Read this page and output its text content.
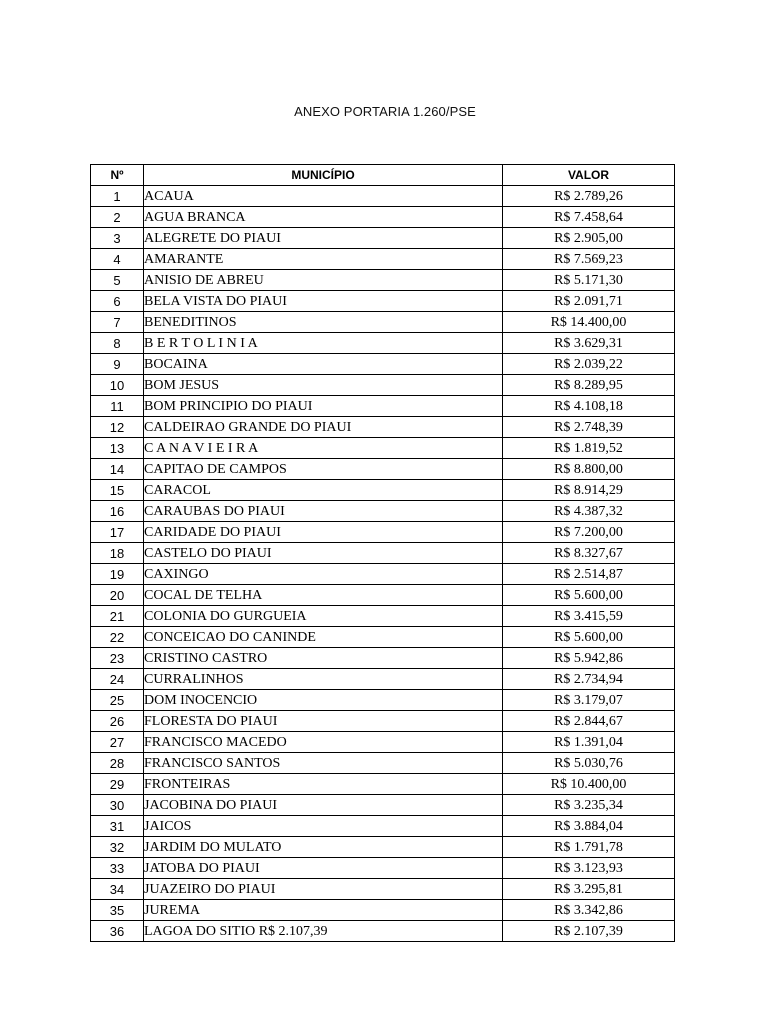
ANEXO PORTARIA 1.260/PSE
Nº	MUNICÍPIO	VALOR
1	ACAUA	R$ 2.789,26
2	AGUA BRANCA	R$ 7.458,64
3	ALEGRETE DO PIAUI	R$ 2.905,00
4	AMARANTE	R$ 7.569,23
5	ANISIO DE ABREU	R$ 5.171,30
6	BELA VISTA DO PIAUI	R$ 2.091,71
7	BENEDITINOS	R$ 14.400,00
8	B E R T O L I N I A	R$ 3.629,31
9	BOCAINA	R$ 2.039,22
10	BOM JESUS	R$ 8.289,95
11	BOM PRINCIPIO DO PIAUI	R$ 4.108,18
12	CALDEIRAO GRANDE DO PIAUI	R$ 2.748,39
13	C A N A V I E I R A	R$ 1.819,52
14	CAPITAO DE CAMPOS	R$ 8.800,00
15	CARACOL	R$ 8.914,29
16	CARAUBAS DO PIAUI	R$ 4.387,32
17	CARIDADE DO PIAUI	R$ 7.200,00
18	CASTELO DO PIAUI	R$ 8.327,67
19	CAXINGO	R$ 2.514,87
20	COCAL DE TELHA	R$ 5.600,00
21	COLONIA DO GURGUEIA	R$ 3.415,59
22	CONCEICAO DO CANINDE	R$ 5.600,00
23	CRISTINO CASTRO	R$ 5.942,86
24	CURRALINHOS	R$ 2.734,94
25	DOM INOCENCIO	R$ 3.179,07
26	FLORESTA DO PIAUI	R$ 2.844,67
27	FRANCISCO MACEDO	R$ 1.391,04
28	FRANCISCO SANTOS	R$ 5.030,76
29	FRONTEIRAS	R$ 10.400,00
30	JACOBINA DO PIAUI	R$ 3.235,34
31	JAICOS	R$ 3.884,04
32	JARDIM DO MULATO	R$ 1.791,78
33	JATOBA DO PIAUI	R$ 3.123,93
34	JUAZEIRO DO PIAUI	R$ 3.295,81
35	JUREMA	R$ 3.342,86
36	LAGOA DO SITIO R$ 2.107,39	R$ 2.107,39
